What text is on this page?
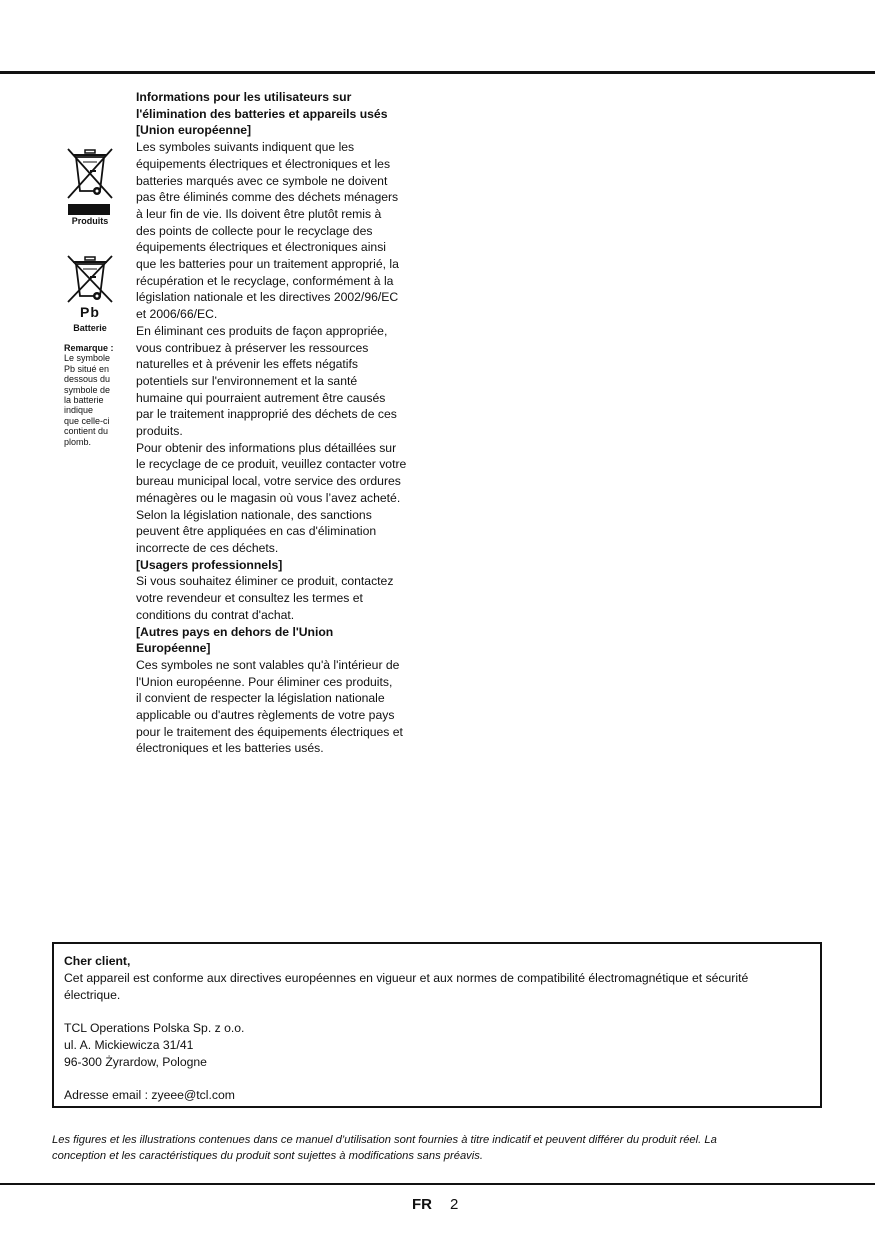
Produits
Pb
Batterie
Remarque :
Le symbole
Pb situé en
dessous du
symbole de
la batterie
indique
que celle-ci
contient du
plomb.

Informations pour les utilisateurs sur

l'élimination des batteries et appareils usés

[Union européenne]

Les symboles suivants indiquent que les

équipements électriques et électroniques et les

batteries marqués avec ce symbole ne doivent

pas être éliminés comme des déchets ménagers

à leur fin de vie. Ils doivent être plutôt remis à

des points de collecte pour le recyclage des

équipements électriques et électroniques ainsi

que les batteries pour un traitement approprié, la

récupération et le recyclage, conformément à la

législation nationale et les directives 2002/96/EC

et 2006/66/EC.

En éliminant ces produits de façon appropriée,

vous contribuez à préserver les ressources

naturelles et à prévenir les effets négatifs

potentiels sur l'environnement et la santé

humaine qui pourraient autrement être causés

par le traitement inapproprié des déchets de ces

produits.

Pour obtenir des informations plus détaillées sur

le recyclage de ce produit, veuillez contacter votre

bureau municipal local, votre service des ordures

ménagères ou le magasin où vous l’avez acheté.

Selon la législation nationale, des sanctions

peuvent être appliquées en cas d'élimination

incorrecte de ces déchets.

[Usagers professionnels]

Si vous souhaitez éliminer ce produit, contactez

votre revendeur et consultez les termes et

conditions du contrat d'achat.

[Autres pays en dehors de l'Union

Européenne]

Ces symboles ne sont valables qu'à l'intérieur de

l'Union européenne. Pour éliminer ces produits,

il convient de respecter la législation nationale

applicable ou d'autres règlements de votre pays

pour le traitement des équipements électriques et

électroniques et les batteries usés.

Cher client,

Cet appareil est conforme aux directives européennes en vigueur et aux normes de compatibilité électromagnétique et sécurité

électrique.

TCL Operations Polska Sp. z o.o.

ul. A. Mickiewicza 31/41

96-300 Żyrardow, Pologne

Adresse email : zyeee@tcl.com

Les figures et les illustrations contenues dans ce manuel d’utilisation sont fournies à titre indicatif et peuvent différer du produit réel. La
conception et les caractéristiques du produit sont sujettes à modifications sans préavis.
FR 2
